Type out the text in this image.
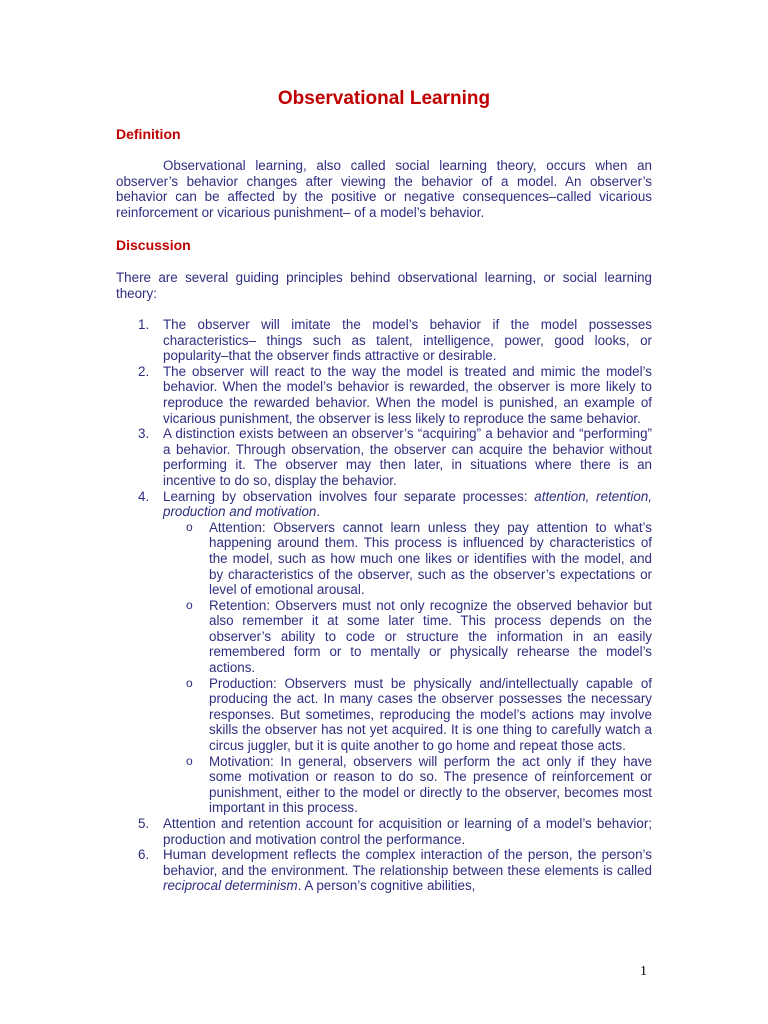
Observational Learning
Definition

Observational learning, also called social learning theory, occurs when an observer’s behavior changes after viewing the behavior of a model. An observer’s behavior can be affected by the positive or negative consequences–called vicarious reinforcement or vicarious punishment– of a model’s behavior.

Discussion

There are several guiding principles behind observational learning, or social learning theory:

1. The observer will imitate the model’s behavior if the model possesses characteristics– things such as talent, intelligence, power, good looks, or popularity–that the observer finds attractive or desirable.
2. The observer will react to the way the model is treated and mimic the model’s behavior. When the model’s behavior is rewarded, the observer is more likely to reproduce the rewarded behavior. When the model is punished, an example of vicarious punishment, the observer is less likely to reproduce the same behavior.
3. A distinction exists between an observer’s “acquiring” a behavior and “performing” a behavior. Through observation, the observer can acquire the behavior without performing it. The observer may then later, in situations where there is an incentive to do so, display the behavior.
4. Learning by observation involves four separate processes: attention, retention, production and motivation.
o Attention: Observers cannot learn unless they pay attention to what’s happening around them. This process is influenced by characteristics of the model, such as how much one likes or identifies with the model, and by characteristics of the observer, such as the observer’s expectations or level of emotional arousal.
o Retention: Observers must not only recognize the observed behavior but also remember it at some later time. This process depends on the observer’s ability to code or structure the information in an easily remembered form or to mentally or physically rehearse the model’s actions.
o Production: Observers must be physically and/intellectually capable of producing the act. In many cases the observer possesses the necessary responses. But sometimes, reproducing the model’s actions may involve skills the observer has not yet acquired. It is one thing to carefully watch a circus juggler, but it is quite another to go home and repeat those acts.
o Motivation: In general, observers will perform the act only if they have some motivation or reason to do so. The presence of reinforcement or punishment, either to the model or directly to the observer, becomes most important in this process.
5. Attention and retention account for acquisition or learning of a model’s behavior; production and motivation control the performance.
6. Human development reflects the complex interaction of the person, the person’s behavior, and the environment. The relationship between these elements is called reciprocal determinism. A person’s cognitive abilities,

1
